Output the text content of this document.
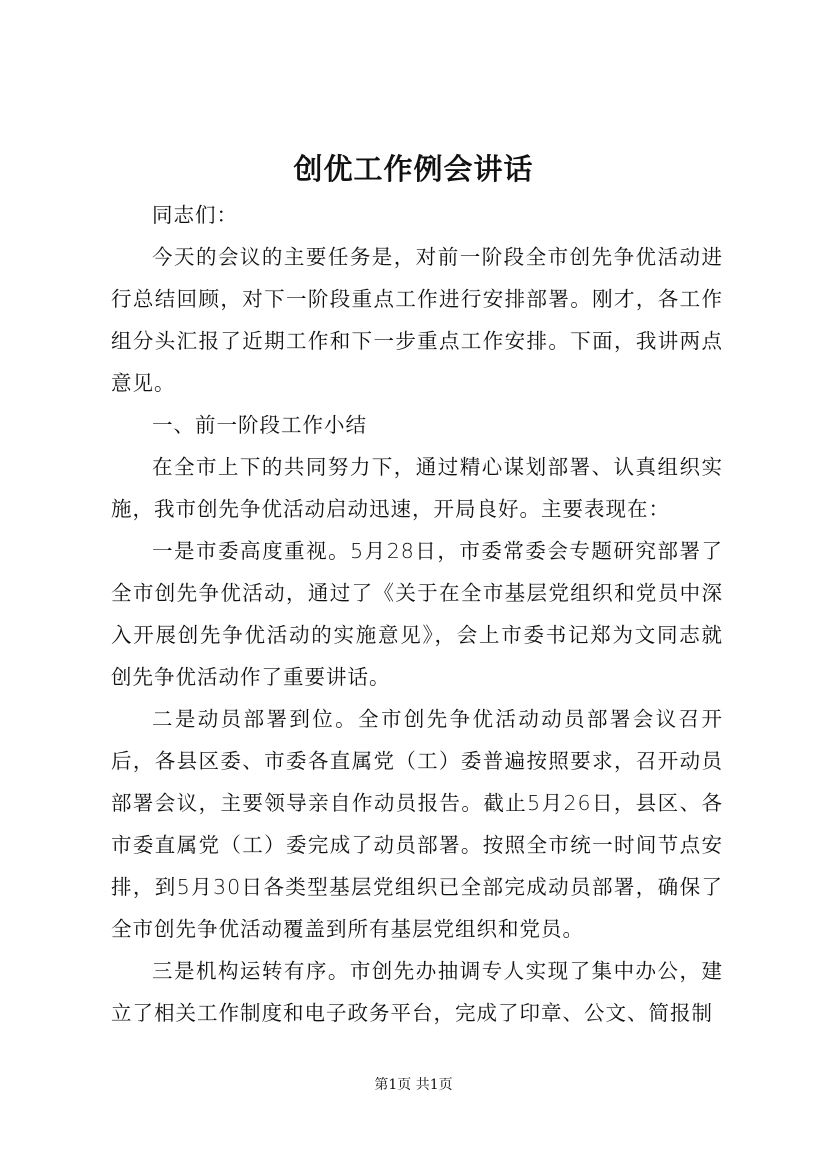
创优工作例会讲话

同志们：

今天的会议的主要任务是，对前一阶段全市创先争优活动进行总结回顾，对下一阶段重点工作进行安排部署。刚才，各工作组分头汇报了近期工作和下一步重点工作安排。下面，我讲两点意见。

一、前一阶段工作小结

在全市上下的共同努力下，通过精心谋划部署、认真组织实施，我市创先争优活动启动迅速，开局良好。主要表现在：

一是市委高度重视。5月28日，市委常委会专题研究部署了全市创先争优活动，通过了《关于在全市基层党组织和党员中深入开展创先争优活动的实施意见》，会上市委书记郑为文同志就创先争优活动作了重要讲话。

二是动员部署到位。全市创先争优活动动员部署会议召开后，各县区委、市委各直属党（工）委普遍按照要求，召开动员部署会议，主要领导亲自作动员报告。截止5月26日，县区、各市委直属党（工）委完成了动员部署。按照全市统一时间节点安排，到5月30日各类型基层党组织已全部完成动员部署，确保了全市创先争优活动覆盖到所有基层党组织和党员。

三是机构运转有序。市创先办抽调专人实现了集中办公，建立了相关工作制度和电子政务平台，完成了印章、公文、简报制

第1页 共1页
